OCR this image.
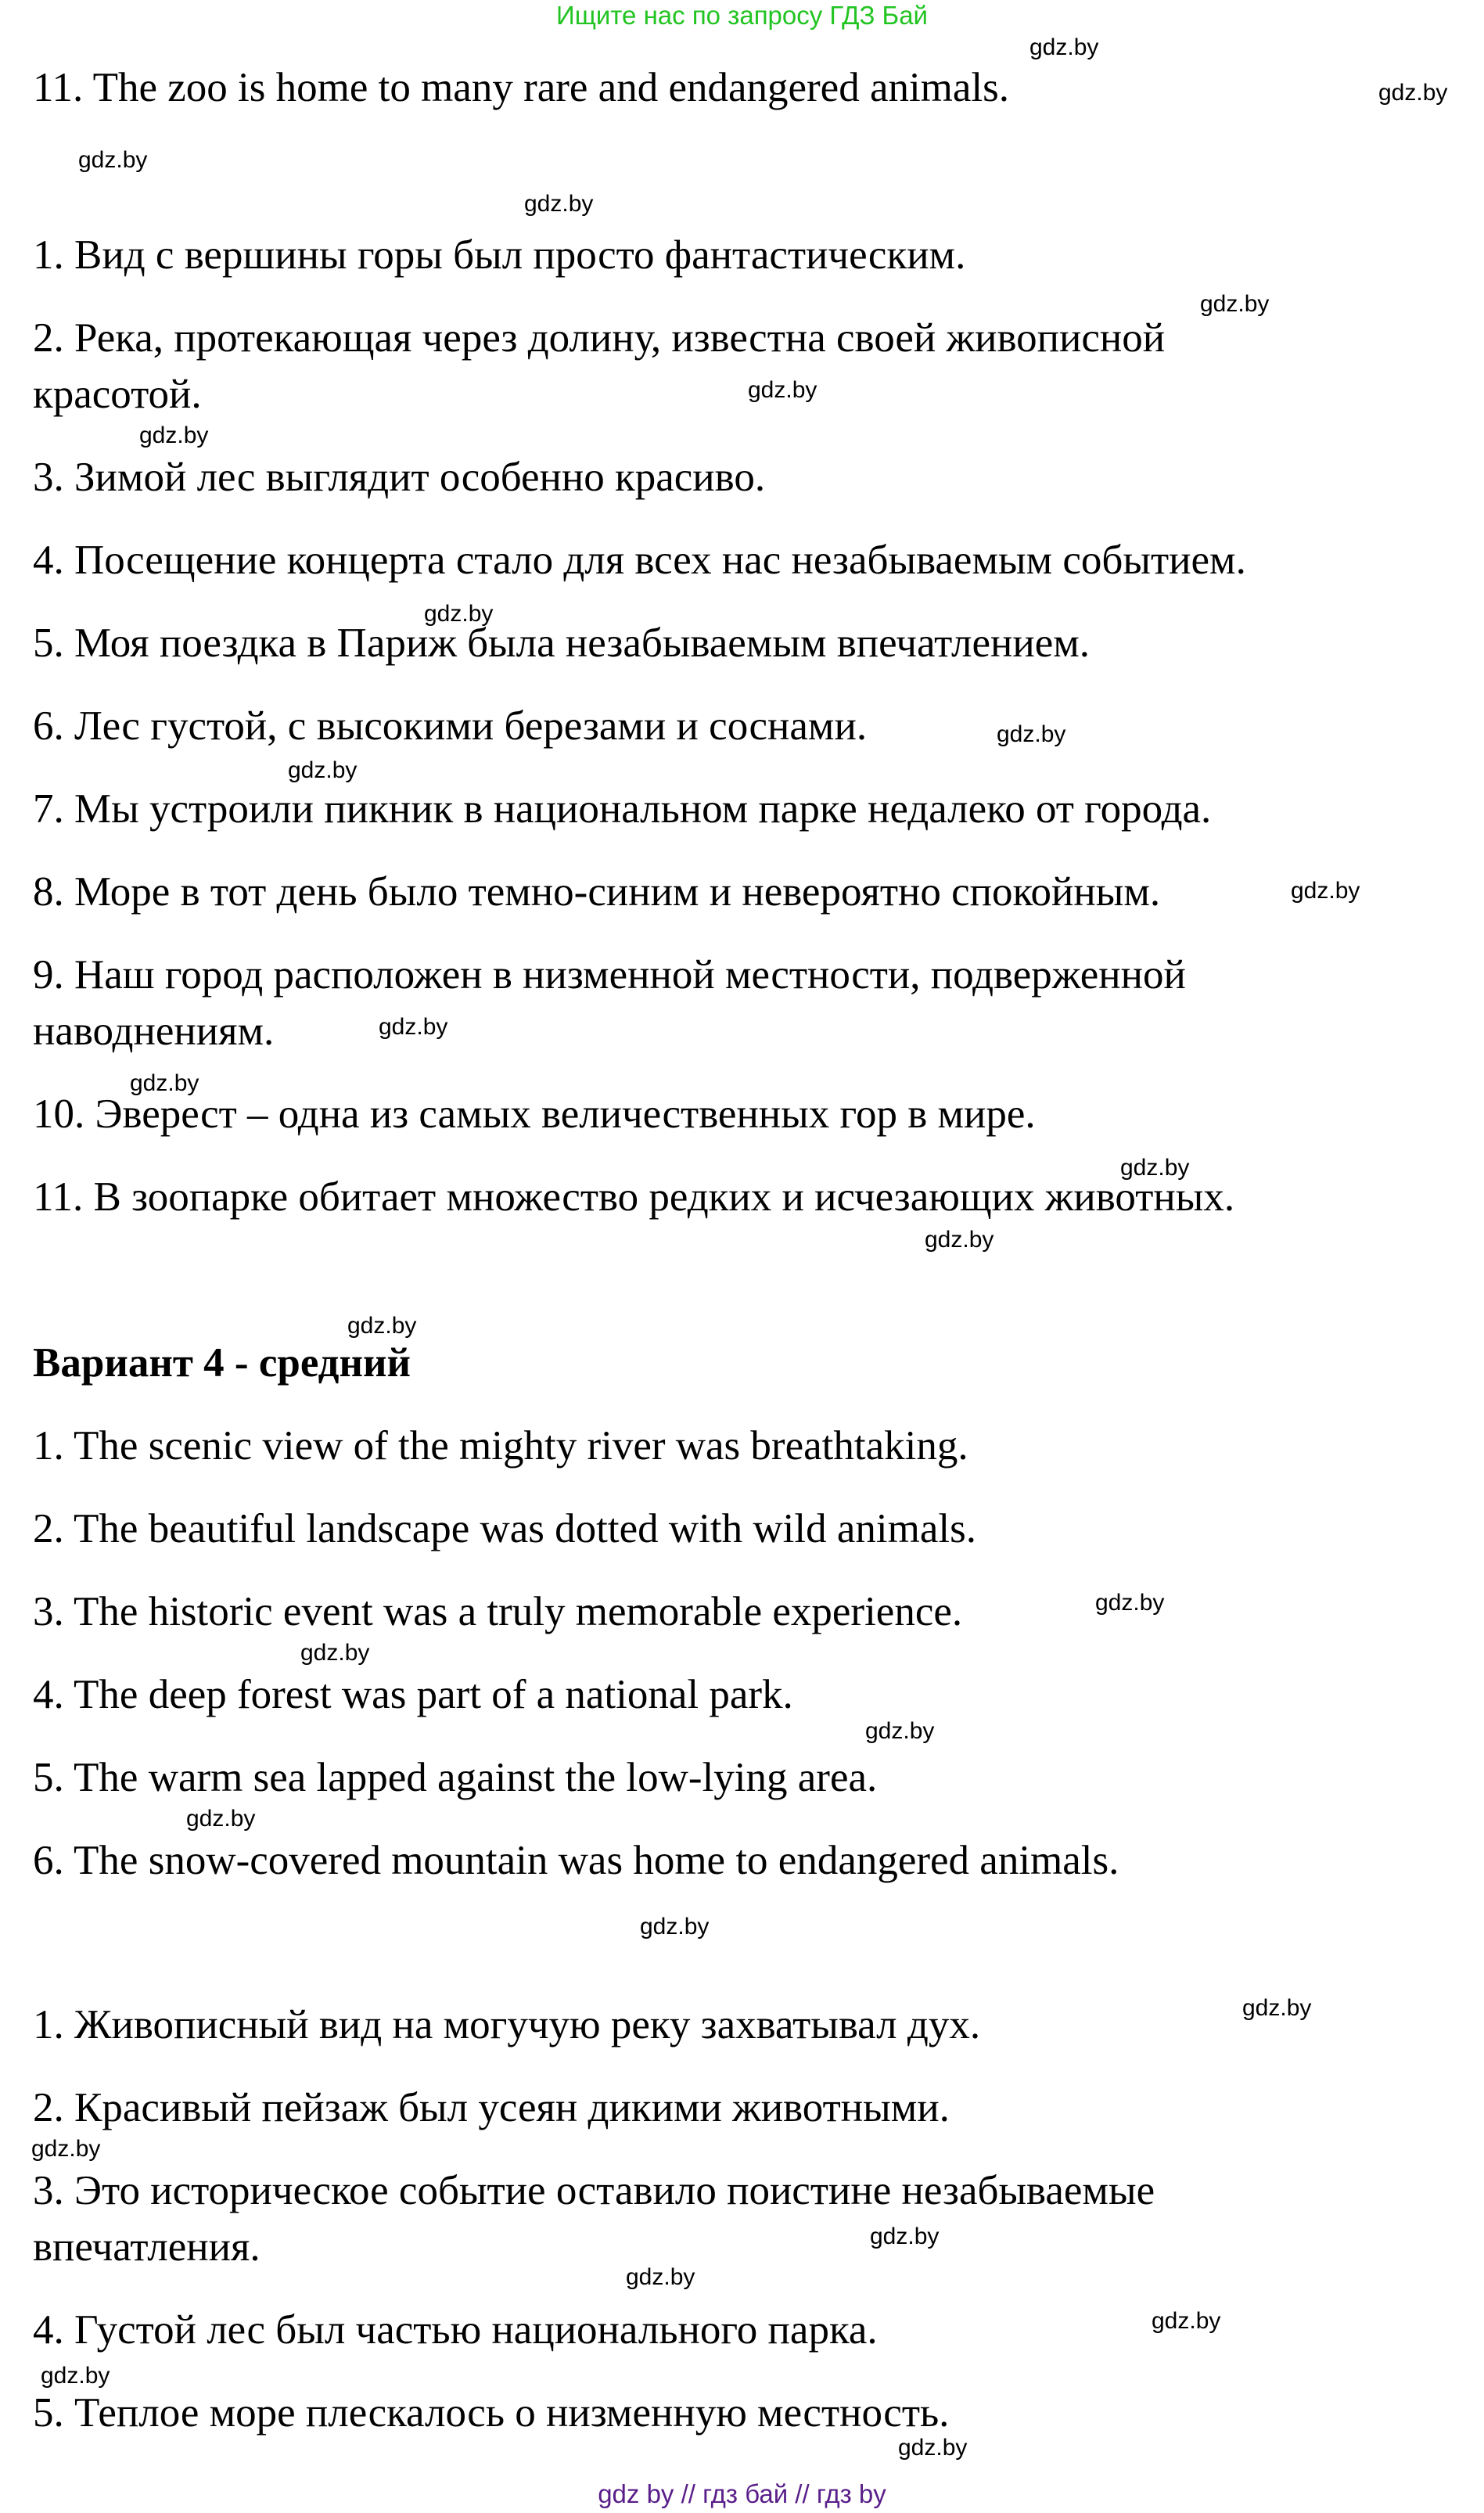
Ищите нас по запросу ГДЗ Бай
11. The zoo is home to many rare and endangered animals.
1. Вид с вершины горы был просто фантастическим.
2. Река, протекающая через долину, известна своей живописной
красотой.
3. Зимой лес выглядит особенно красиво.
4. Посещение концерта стало для всех нас незабываемым событием.
5. Моя поездка в Париж была незабываемым впечатлением.
6. Лес густой, с высокими березами и соснами.
7. Мы устроили пикник в национальном парке недалеко от города.
8. Море в тот день было темно-синим и невероятно спокойным.
9. Наш город расположен в низменной местности, подверженной
наводнениям.
10. Эверест – одна из самых величественных гор в мире.
11. В зоопарке обитает множество редких и исчезающих животных.
Вариант 4 - средний
1. The scenic view of the mighty river was breathtaking.
2. The beautiful landscape was dotted with wild animals.
3. The historic event was a truly memorable experience.
4. The deep forest was part of a national park.
5. The warm sea lapped against the low-lying area.
6. The snow-covered mountain was home to endangered animals.
1. Живописный вид на могучую реку захватывал дух.
2. Красивый пейзаж был усеян дикими животными.
3. Это историческое событие оставило поистине незабываемые
впечатления.
4. Густой лес был частью национального парка.
5. Теплое море плескалось о низменную местность.
gdz.by
gdz.by
gdz.by
gdz.by
gdz.by
gdz.by
gdz.by
gdz.by
gdz.by
gdz.by
gdz.by
gdz.by
gdz.by
gdz.by
gdz.by
gdz.by
gdz.by
gdz.by
gdz.by
gdz.by
gdz.by
gdz.by
gdz.by
gdz.by
gdz.by
gdz.by
gdz.by
gdz.by
gdz by // гдз бай // гдз by
